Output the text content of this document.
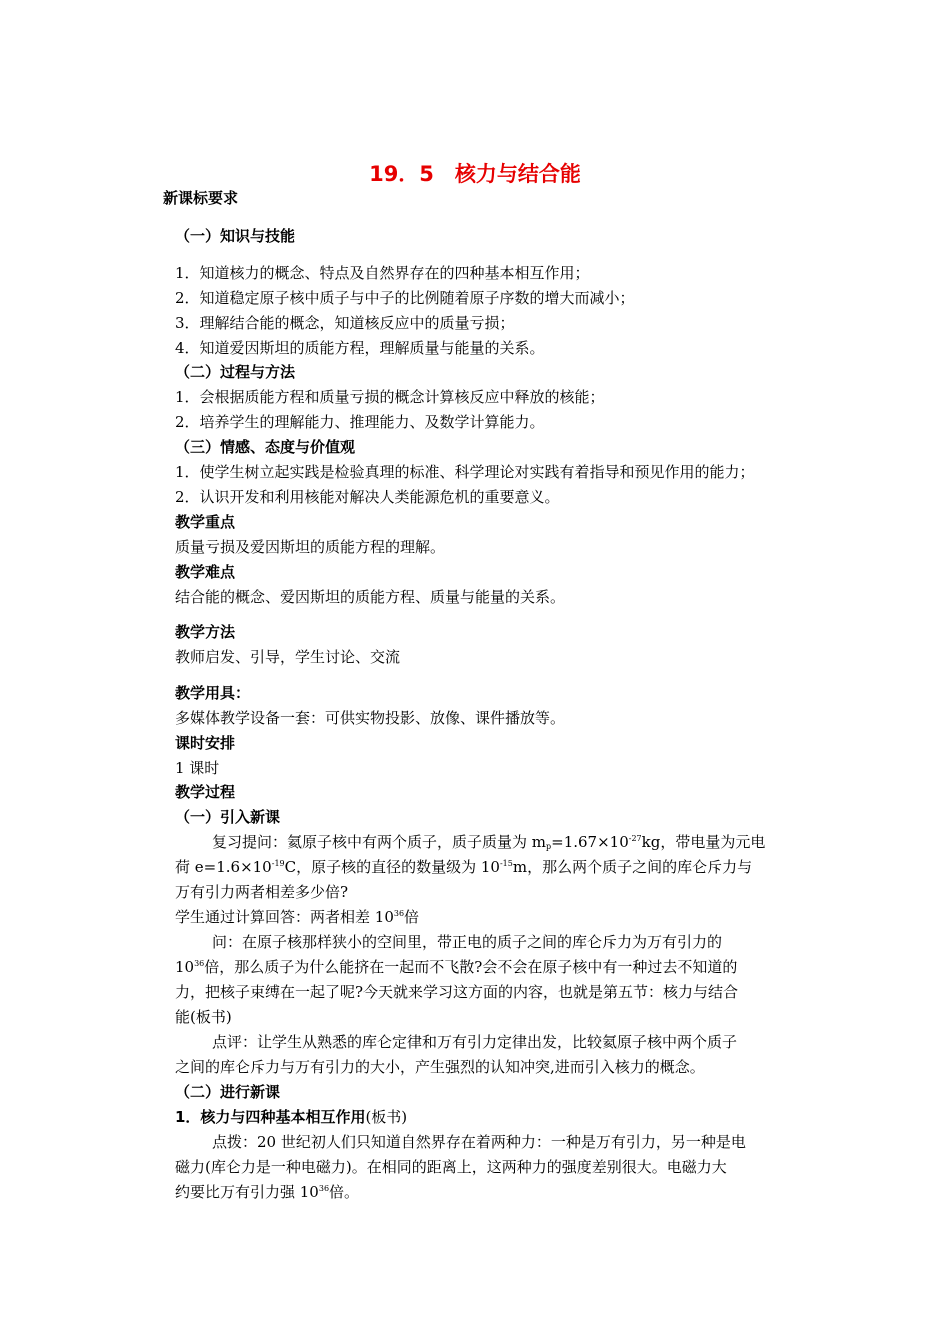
19．5　核力与结合能
新课标要求
（一）知识与技能
1．知道核力的概念、特点及自然界存在的四种基本相互作用；
2．知道稳定原子核中质子与中子的比例随着原子序数的增大而减小；
3．理解结合能的概念，知道核反应中的质量亏损；
4．知道爱因斯坦的质能方程，理解质量与能量的关系。
（二）过程与方法
1．会根据质能方程和质量亏损的概念计算核反应中释放的核能；
2．培养学生的理解能力、推理能力、及数学计算能力。
（三）情感、态度与价值观
1．使学生树立起实践是检验真理的标准、科学理论对实践有着指导和预见作用的能力；
2．认识开发和利用核能对解决人类能源危机的重要意义。
教学重点
质量亏损及爱因斯坦的质能方程的理解。
教学难点
结合能的概念、爱因斯坦的质能方程、质量与能量的关系。
教学方法
教师启发、引导，学生讨论、交流
教学用具：
多媒体教学设备一套：可供实物投影、放像、课件播放等。
课时安排
1 课时
教学过程
（一）引入新课
复习提问：氦原子核中有两个质子，质子质量为 $m_p=1.67\times 10^{-27}kg$，带电量为元电
荷 $e=1.6\times 10^{-19}C$，原子核的直径的数量级为 $10^{-15}m$，那么两个质子之间的库仑斥力与
万有引力两者相差多少倍?
学生通过计算回答：两者相差 $10^{36}$倍
问：在原子核那样狭小的空间里，带正电的质子之间的库仑斥力为万有引力的
$10^{36}$倍，那么质子为什么能挤在一起而不飞散?会不会在原子核中有一种过去不知道的
力，把核子束缚在一起了呢?今天就来学习这方面的内容，也就是第五节：核力与结合
能(板书)
点评：让学生从熟悉的库仑定律和万有引力定律出发，比较氦原子核中两个质子
之间的库仑斥力与万有引力的大小，产生强烈的认知冲突,进而引入核力的概念。
（二）进行新课
1．核力与四种基本相互作用(板书)
点拨：20 世纪初人们只知道自然界存在着两种力：一种是万有引力，另一种是电
磁力(库仑力是一种电磁力)。在相同的距离上，这两种力的强度差别很大。电磁力大
约要比万有引力强 $10^{36}$倍。
